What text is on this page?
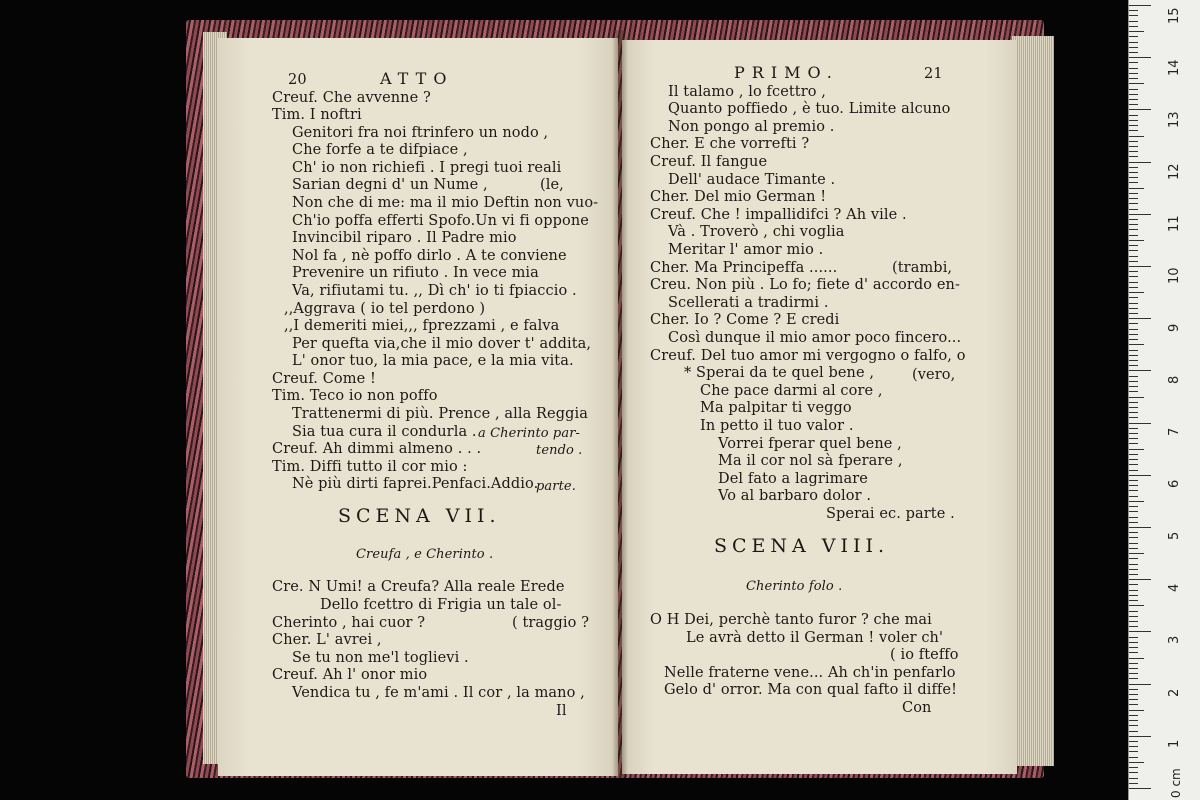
20	ATTO
Creuf. Che avvenne ?
Tim. I noftri
Genitori fra noi ftrinfero un nodo ,
Che forfe a te difpiace ,
Ch' io non richiefi . I pregi tuoi reali
Sarian degni d' un Nume ,	(le,
Non che di me: ma il mio Deftin non vuo-
Ch'io poffa efferti Spofo.Un vi fi oppone
Invincibil riparo . Il Padre mio
Nol fa , nè poffo dirlo . A te conviene
Prevenire un rifiuto . In vece mia
Va, rifiutami tu. ,, Dì ch' io ti fpiaccio .
,,Aggrava ( io tel perdono )
,,I demeriti miei,,, fprezzami , e falva
Per quefta via,che il mio dover t' addita,
L' onor tuo, la mia pace, e la mia vita.
Creuf. Come !
Tim. Teco io non poffo
Trattenermi di più. Prence , alla Reggia
Sia tua cura il condurla . a Cherinto par-
Creuf. Ah dimmi almeno . . .	tendo .
Tim. Diffi tutto il cor mio :
Nè più dirti faprei.Penfaci.Addio.
parte.
SCENA VII.
Creufa , e Cherinto .
Cre. N Umi! a Creufa? Alla reale Erede
Dello fcettro di Frigia un tale ol-
Cherinto , hai cuor ?	( traggio ?
Cher. L' avrei ,
Se tu non me'l toglievi .
Creuf. Ah l' onor mio
Vendica tu , fe m'ami . Il cor , la mano ,
Il
PRIMO.	21
Il talamo , lo fcettro ,
Quanto poffiedo , è tuo. Limite alcuno
Non pongo al premio .
Cher. E che vorrefti ?
Creuf. Il fangue
Dell' audace Timante .
Cher. Del mio German !
Creuf. Che ! impallidifci ? Ah vile .
Và . Troverò , chi voglia
Meritar l' amor mio .
Cher. Ma Principeffa ......	(trambi,
Creu. Non più . Lo fo; fiete d' accordo en-
Scellerati a tradirmi .
Cher. Io ? Come ? E credi
Così dunque il mio amor poco fincero...
Creuf. Del tuo amor mi vergogno o falfo, o
* Sperai da te quel bene ,	(vero,
Che pace darmi al core ,
Ma palpitar ti veggo
In petto il tuo valor .
Vorrei fperar quel bene ,
Ma il cor nol sà fperare ,
Del fato a lagrimare
Vo al barbaro dolor .
Sperai ec. parte .
SCENA VIII.
Cherinto folo .
O H Dei, perchè tanto furor ? che mai
Le avrà detto il German ! voler ch'
( io fteffo
Nelle fraterne vene... Ah ch'in penfarlo
Gelo d' orror. Ma con qual fafto il diffe!
Con
0 cm
1
2
3
4
5
6
7
8
9
10
11
12
13
14
15
